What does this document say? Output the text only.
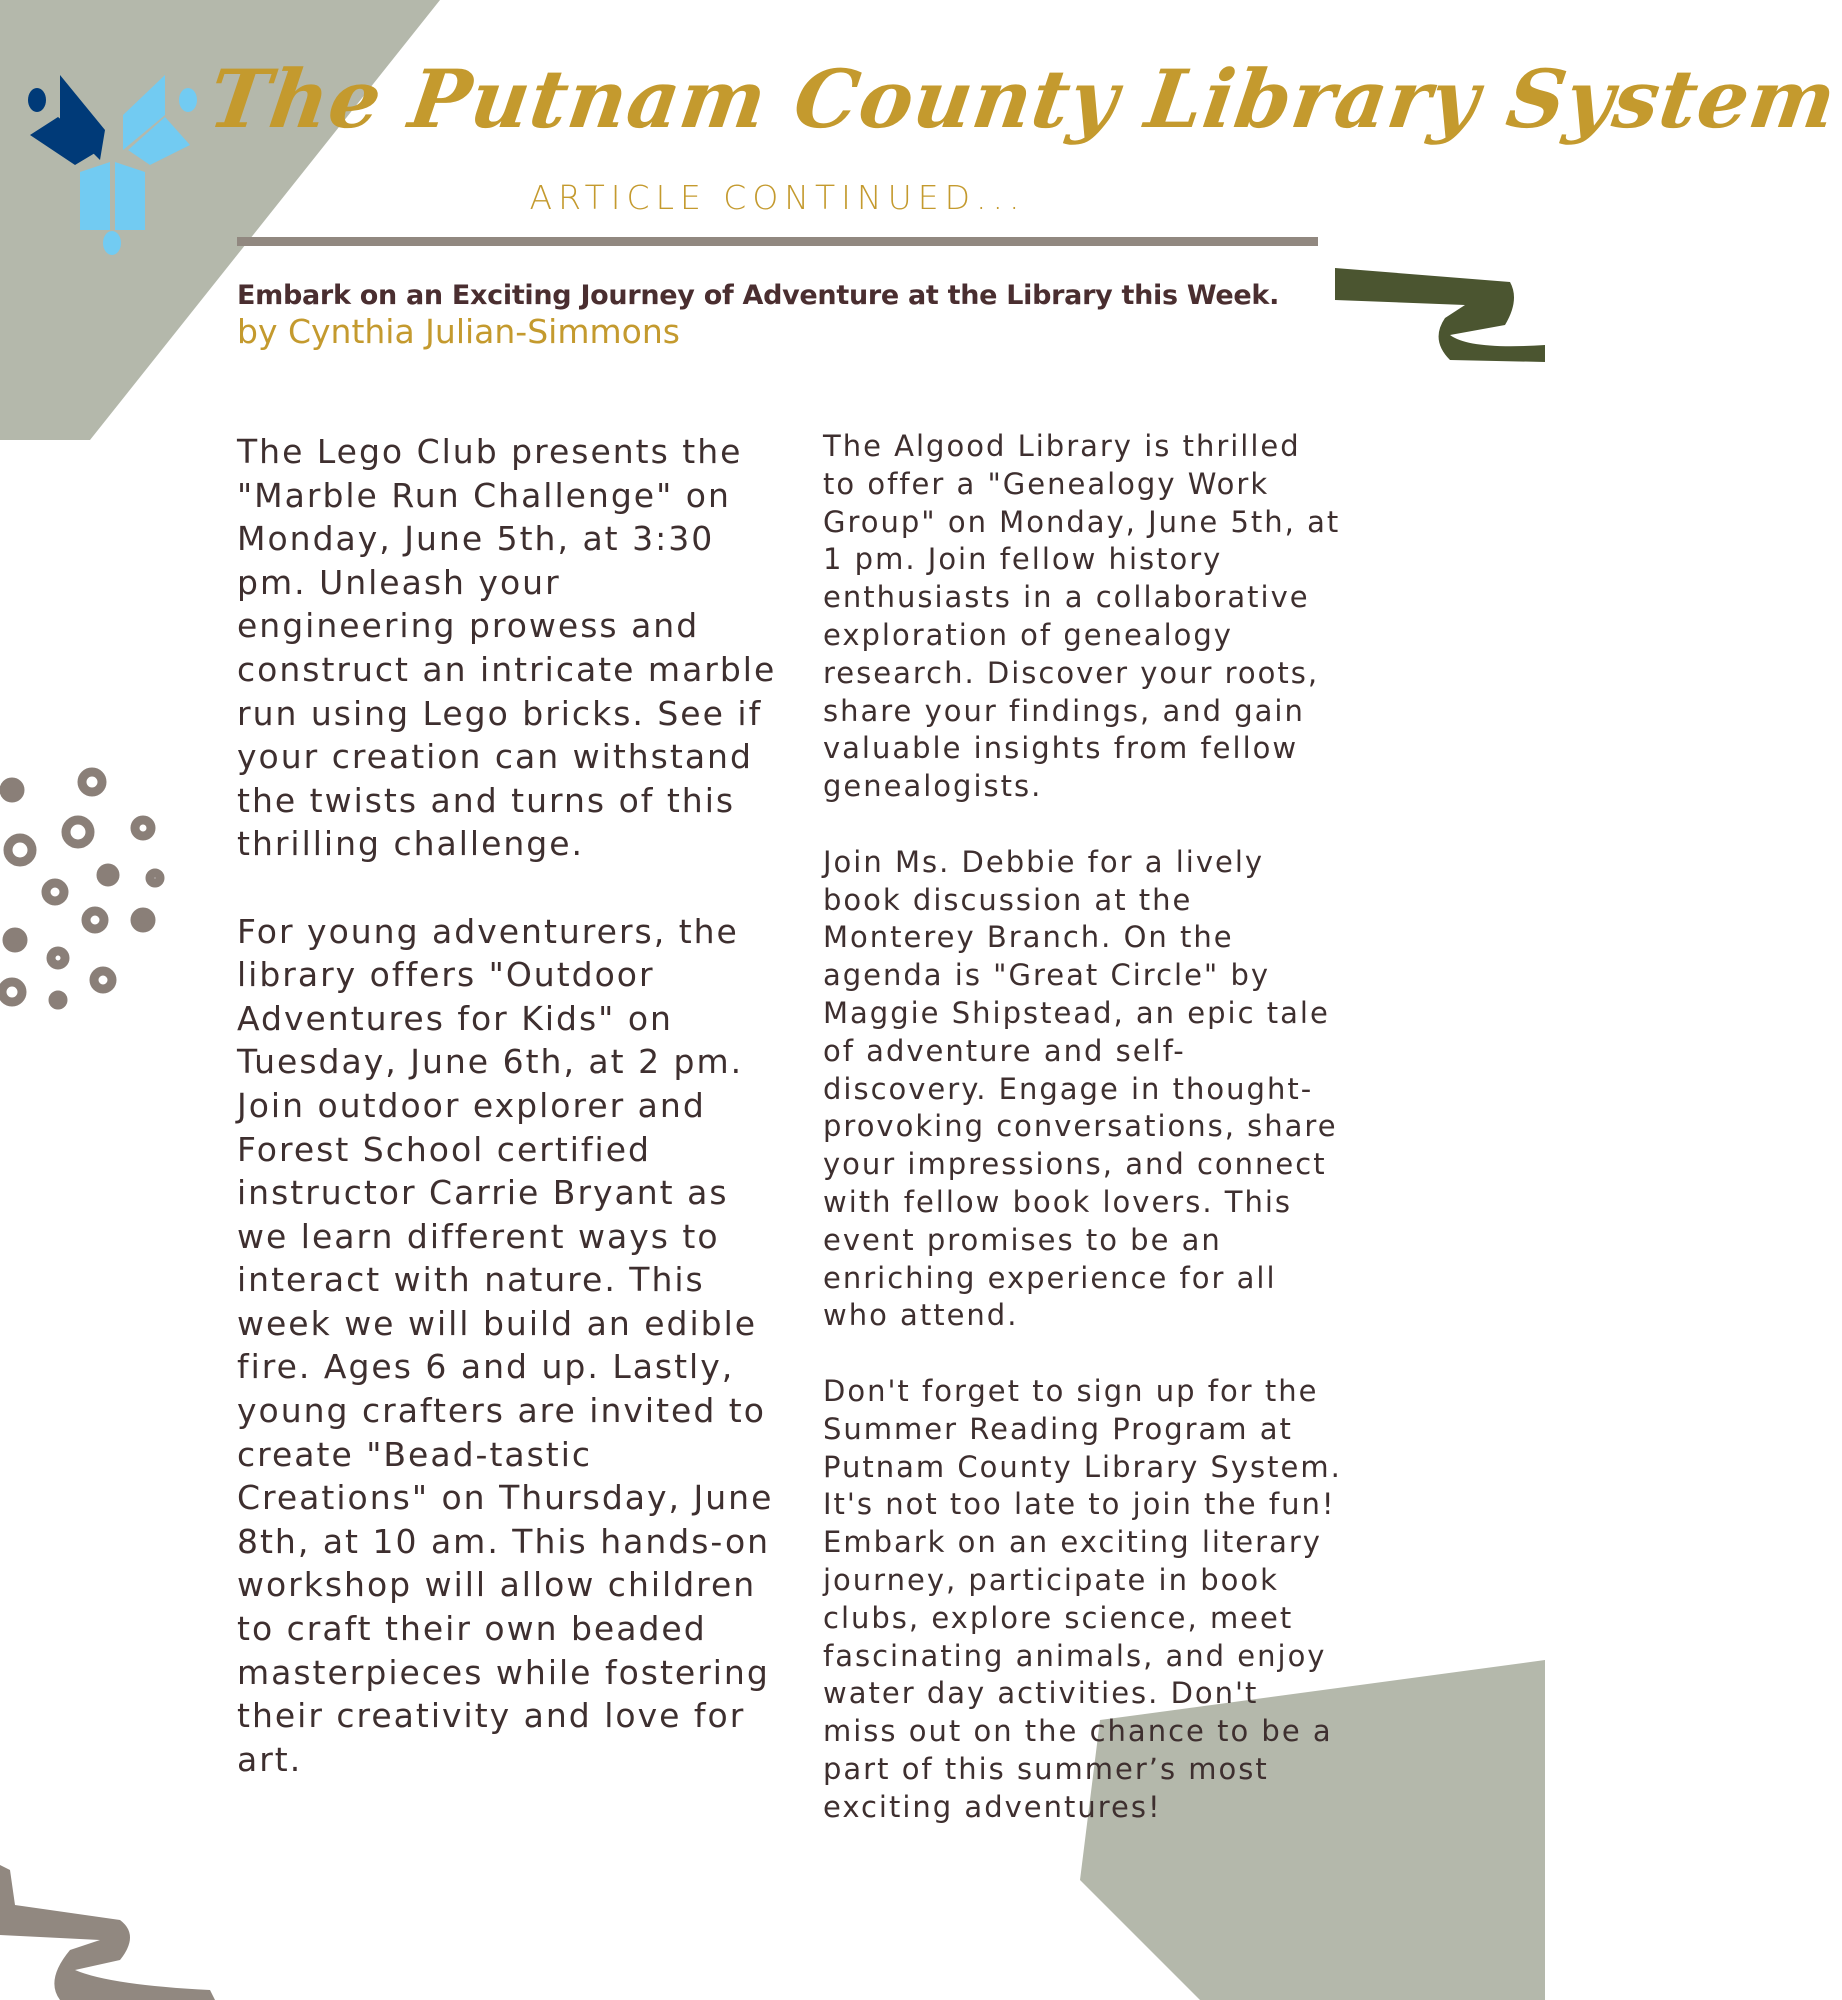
The Putnam County Library System
ARTICLE CONTINUED...
Embark on an Exciting Journey of Adventure at the Library this Week.
by Cynthia Julian-Simmons

The Lego Club presents the "Marble Run Challenge" on Monday, June 5th, at 3:30 pm. Unleash your engineering prowess and construct an intricate marble run using Lego bricks. See if your creation can withstand the twists and turns of this thrilling challenge.

For young adventurers, the library offers "Outdoor Adventures for Kids" on Tuesday, June 6th, at 2 pm. Join outdoor explorer and Forest School certified instructor Carrie Bryant as we learn different ways to interact with nature. This week we will build an edible fire. Ages 6 and up. Lastly, young crafters are invited to create "Bead-tastic Creations" on Thursday, June 8th, at 10 am. This hands-on workshop will allow children to craft their own beaded masterpieces while fostering their creativity and love for art.

The Algood Library is thrilled to offer a "Genealogy Work Group" on Monday, June 5th, at 1 pm. Join fellow history enthusiasts in a collaborative exploration of genealogy research. Discover your roots, share your findings, and gain valuable insights from fellow genealogists.

Join Ms. Debbie for a lively book discussion at the Monterey Branch. On the agenda is "Great Circle" by Maggie Shipstead, an epic tale of adventure and self-discovery. Engage in thought-provoking conversations, share your impressions, and connect with fellow book lovers. This event promises to be an enriching experience for all who attend.

Don't forget to sign up for the Summer Reading Program at Putnam County Library System. It's not too late to join the fun! Embark on an exciting literary journey, participate in book clubs, explore science, meet fascinating animals, and enjoy water day activities. Don't miss out on the chance to be a part of this summer’s most exciting adventures!
